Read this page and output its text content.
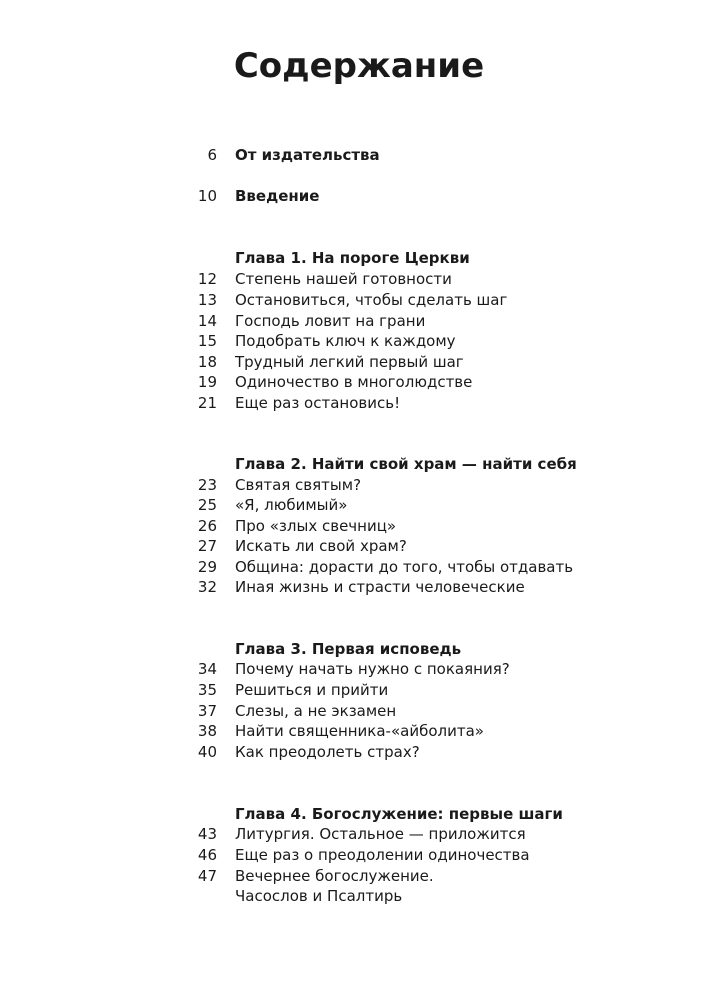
Содержание
6 От издательства
10 Введение
Глава 1. На пороге Церкви
12 Степень нашей готовности
13 Остановиться, чтобы сделать шаг
14 Господь ловит на грани
15 Подобрать ключ к каждому
18 Трудный легкий первый шаг
19 Одиночество в многолюдстве
21 Еще раз остановись!
Глава 2. Найти свой храм — найти себя
23 Святая святым?
25 «Я, любимый»
26 Про «злых свечниц»
27 Искать ли свой храм?
29 Община: дорасти до того, чтобы отдавать
32 Иная жизнь и страсти человеческие
Глава 3. Первая исповедь
34 Почему начать нужно с покаяния?
35 Решиться и прийти
37 Слезы, а не экзамен
38 Найти священника-«айболита»
40 Как преодолеть страх?
Глава 4. Богослужение: первые шаги
43 Литургия. Остальное — приложится
46 Еще раз о преодолении одиночества
47 Вечернее богослужение.
Часослов и Псалтирь
